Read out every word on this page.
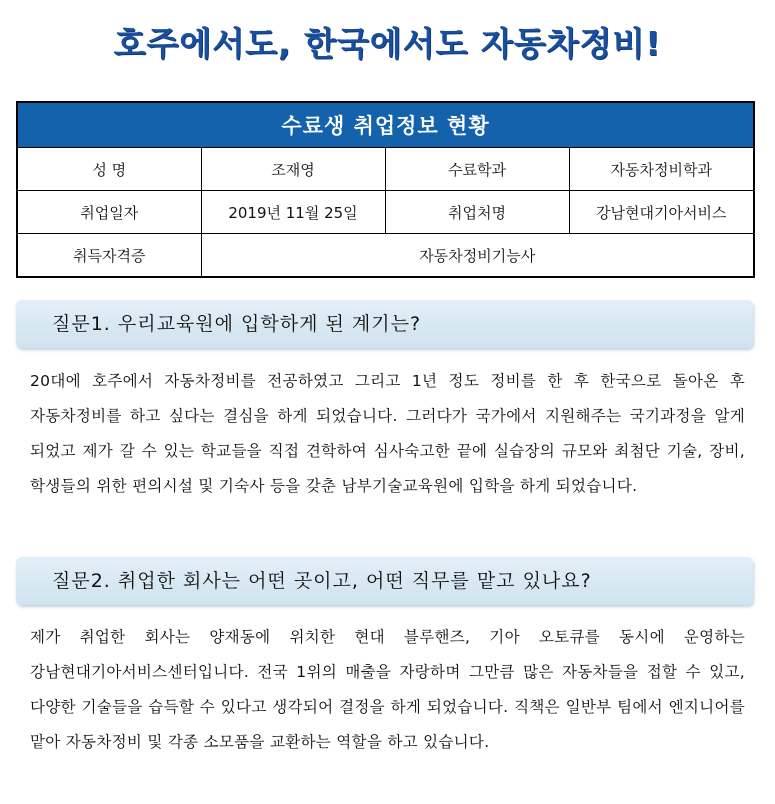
호주에서도, 한국에서도 자동차정비!
수료생 취업정보 현황			
성 명	조재영	수료학과	자동차정비학과
취업일자	2019년 11월 25일	취업처명	강남현대기아서비스
취득자격증	자동차정비기능사		
질문1. 우리교육원에 입학하게 된 계기는?
20대에 호주에서 자동차정비를 전공하였고 그리고 1년 정도 정비를 한 후 한국으로 돌아온 후 자동차정비를 하고 싶다는 결심을 하게 되었습니다. 그러다가 국가에서 지원해주는 국기과정을 알게 되었고 제가 갈 수 있는 학교들을 직접 견학하여 심사숙고한 끝에 실습장의 규모와 최첨단 기술, 장비, 학생들의 위한 편의시설 및 기숙사 등을 갖춘 남부기술교육원에 입학을 하게 되었습니다.
질문2. 취업한 회사는 어떤 곳이고, 어떤 직무를 맡고 있나요?
제가 취업한 회사는 양재동에 위치한 현대 블루핸즈, 기아 오토큐를 동시에 운영하는 강남현대기아서비스센터입니다. 전국 1위의 매출을 자랑하며 그만큼 많은 자동차들을 접할 수 있고, 다양한 기술들을 습득할 수 있다고 생각되어 결정을 하게 되었습니다. 직책은 일반부 팀에서 엔지니어를 맡아 자동차정비 및 각종 소모품을 교환하는 역할을 하고 있습니다.
